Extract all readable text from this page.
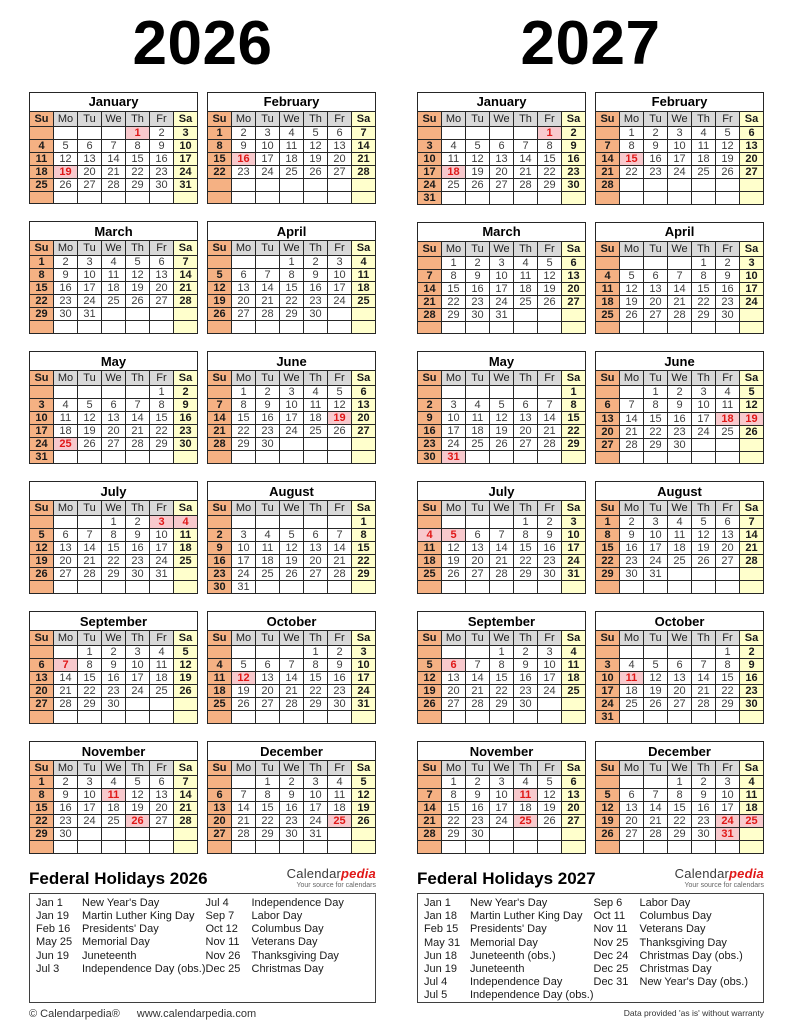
2026
January						
Su	Mo	Tu	We	Th	Fr	Sa
				1	2	3
4	5	6	7	8	9	10
11	12	13	14	15	16	17
18	19	20	21	22	23	24
25	26	27	28	29	30	31

February						
Su	Mo	Tu	We	Th	Fr	Sa
1	2	3	4	5	6	7
8	9	10	11	12	13	14
15	16	17	18	19	20	21
22	23	24	25	26	27	28

March						
Su	Mo	Tu	We	Th	Fr	Sa
1	2	3	4	5	6	7
8	9	10	11	12	13	14
15	16	17	18	19	20	21
22	23	24	25	26	27	28
29	30	31				

April						
Su	Mo	Tu	We	Th	Fr	Sa
			1	2	3	4
5	6	7	8	9	10	11
12	13	14	15	16	17	18
19	20	21	22	23	24	25
26	27	28	29	30		

May						
Su	Mo	Tu	We	Th	Fr	Sa
					1	2
3	4	5	6	7	8	9
10	11	12	13	14	15	16
17	18	19	20	21	22	23
24	25	26	27	28	29	30
31						
June						
Su	Mo	Tu	We	Th	Fr	Sa
	1	2	3	4	5	6
7	8	9	10	11	12	13
14	15	16	17	18	19	20
21	22	23	24	25	26	27
28	29	30				

July						
Su	Mo	Tu	We	Th	Fr	Sa
			1	2	3	4
5	6	7	8	9	10	11
12	13	14	15	16	17	18
19	20	21	22	23	24	25
26	27	28	29	30	31	

August						
Su	Mo	Tu	We	Th	Fr	Sa
						1
2	3	4	5	6	7	8
9	10	11	12	13	14	15
16	17	18	19	20	21	22
23	24	25	26	27	28	29
30	31					
September						
Su	Mo	Tu	We	Th	Fr	Sa
		1	2	3	4	5
6	7	8	9	10	11	12
13	14	15	16	17	18	19
20	21	22	23	24	25	26
27	28	29	30			

October						
Su	Mo	Tu	We	Th	Fr	Sa
				1	2	3
4	5	6	7	8	9	10
11	12	13	14	15	16	17
18	19	20	21	22	23	24
25	26	27	28	29	30	31

November						
Su	Mo	Tu	We	Th	Fr	Sa
1	2	3	4	5	6	7
8	9	10	11	12	13	14
15	16	17	18	19	20	21
22	23	24	25	26	27	28
29	30					

December						
Su	Mo	Tu	We	Th	Fr	Sa
		1	2	3	4	5
6	7	8	9	10	11	12
13	14	15	16	17	18	19
20	21	22	23	24	25	26
27	28	29	30	31		

Federal Holidays 2026	Calendarpedia
Your source for calendars
Jan 1	New Year's Day
Jan 19	Martin Luther King Day
Feb 16	Presidents' Day
May 25 Memorial Day
Jun 19	Juneteenth
Jul 3	Independence Day (obs.)
Jul 4	Independence Day
Sep 7	Labor Day
Oct 12	Columbus Day
Nov 11	Veterans Day
Nov 26	Thanksgiving Day
Dec 25	Christmas Day
© Calendarpedia® www.calendarpedia.com
2027
January						
Su	Mo	Tu	We	Th	Fr	Sa
					1	2
3	4	5	6	7	8	9
10	11	12	13	14	15	16
17	18	19	20	21	22	23
24	25	26	27	28	29	30
31						
February						
Su	Mo	Tu	We	Th	Fr	Sa
	1	2	3	4	5	6
7	8	9	10	11	12	13
14	15	16	17	18	19	20
21	22	23	24	25	26	27
28						

March						
Su	Mo	Tu	We	Th	Fr	Sa
	1	2	3	4	5	6
7	8	9	10	11	12	13
14	15	16	17	18	19	20
21	22	23	24	25	26	27
28	29	30	31			

April						
Su	Mo	Tu	We	Th	Fr	Sa
				1	2	3
4	5	6	7	8	9	10
11	12	13	14	15	16	17
18	19	20	21	22	23	24
25	26	27	28	29	30	

May						
Su	Mo	Tu	We	Th	Fr	Sa
						1
2	3	4	5	6	7	8
9	10	11	12	13	14	15
16	17	18	19	20	21	22
23	24	25	26	27	28	29
30	31					
June						
Su	Mo	Tu	We	Th	Fr	Sa
		1	2	3	4	5
6	7	8	9	10	11	12
13	14	15	16	17	18	19
20	21	22	23	24	25	26
27	28	29	30			

July						
Su	Mo	Tu	We	Th	Fr	Sa
				1	2	3
4	5	6	7	8	9	10
11	12	13	14	15	16	17
18	19	20	21	22	23	24
25	26	27	28	29	30	31

August						
Su	Mo	Tu	We	Th	Fr	Sa
1	2	3	4	5	6	7
8	9	10	11	12	13	14
15	16	17	18	19	20	21
22	23	24	25	26	27	28
29	30	31				

September						
Su	Mo	Tu	We	Th	Fr	Sa
			1	2	3	4
5	6	7	8	9	10	11
12	13	14	15	16	17	18
19	20	21	22	23	24	25
26	27	28	29	30		

October						
Su	Mo	Tu	We	Th	Fr	Sa
					1	2
3	4	5	6	7	8	9
10	11	12	13	14	15	16
17	18	19	20	21	22	23
24	25	26	27	28	29	30
31						
November						
Su	Mo	Tu	We	Th	Fr	Sa
	1	2	3	4	5	6
7	8	9	10	11	12	13
14	15	16	17	18	19	20
21	22	23	24	25	26	27
28	29	30				

December						
Su	Mo	Tu	We	Th	Fr	Sa
			1	2	3	4
5	6	7	8	9	10	11
12	13	14	15	16	17	18
19	20	21	22	23	24	25
26	27	28	29	30	31	

Federal Holidays 2027	Calendarpedia
Your source for calendars
Jan 1	New Year's Day
Jan 18	Martin Luther King Day
Feb 15	Presidents' Day
May 31 Memorial Day
Jun 18	Juneteenth (obs.)
Jun 19	Juneteenth
Jul 4	Independence Day
Jul 5	Independence Day (obs.)
Sep 6	Labor Day
Oct 11	Columbus Day
Nov 11	Veterans Day
Nov 25	Thanksgiving Day
Dec 24	Christmas Day (obs.)
Dec 25	Christmas Day
Dec 31	New Year's Day (obs.)
Data provided 'as is' without warranty
